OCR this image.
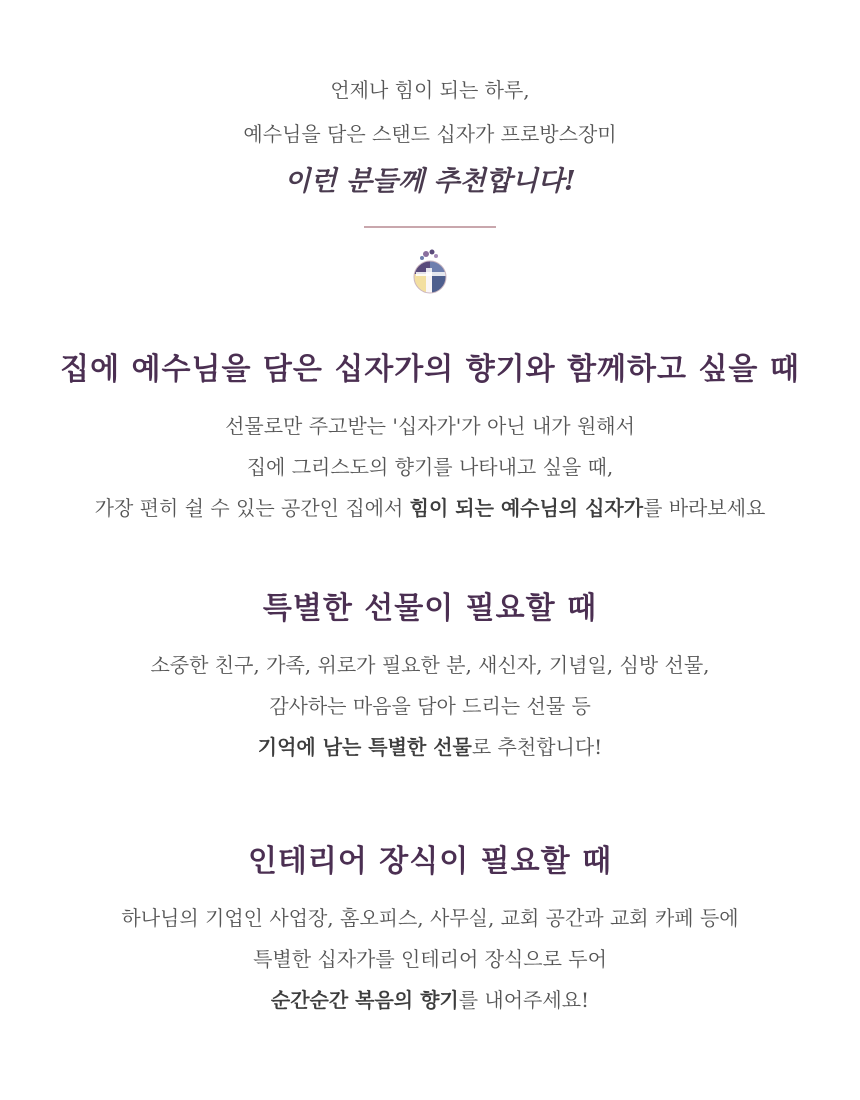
언제나 힘이 되는 하루,

예수님을 담은 스탠드 십자가 프로방스장미

이런 분들께 추천합니다!

집에 예수님을 담은 십자가의 향기와 함께하고 싶을 때

선물로만 주고받는 '십자가'가 아닌 내가 원해서

집에 그리스도의 향기를 나타내고 싶을 때,

가장 편히 쉴 수 있는 공간인 집에서 힘이 되는 예수님의 십자가를 바라보세요

특별한 선물이 필요할 때

소중한 친구, 가족, 위로가 필요한 분, 새신자, 기념일, 심방 선물,

감사하는 마음을 담아 드리는 선물 등

기억에 남는 특별한 선물로 추천합니다!

인테리어 장식이 필요할 때

하나님의 기업인 사업장, 홈오피스, 사무실, 교회 공간과 교회 카페 등에

특별한 십자가를 인테리어 장식으로 두어

순간순간 복음의 향기를 내어주세요!
